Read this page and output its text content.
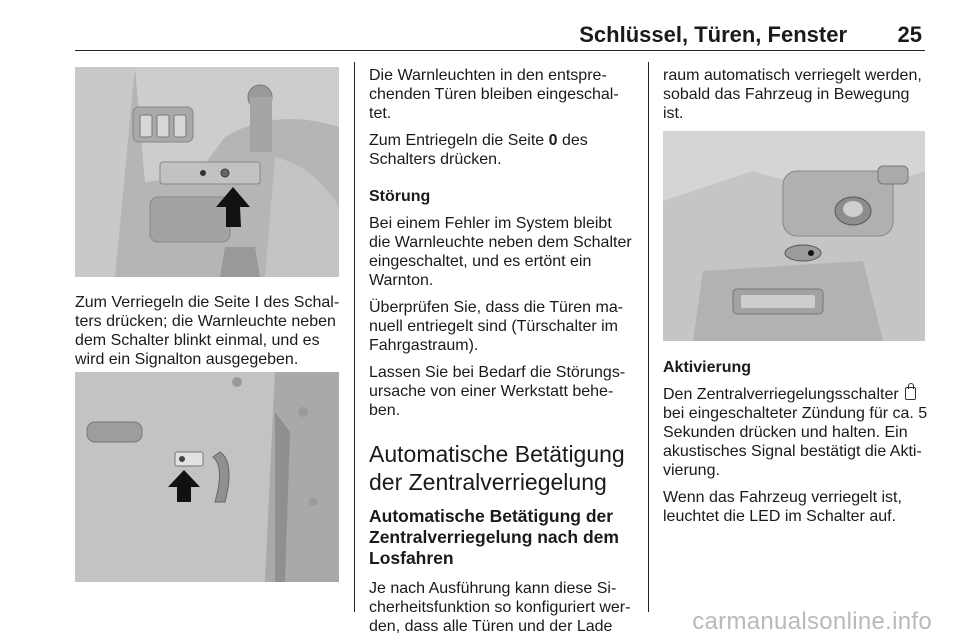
Schlüssel, Türen, Fenster 25

Zum Verriegeln die Seite I des Schalters drücken; die Warnleuchte neben dem Schalter blinkt einmal, und es wird ein Signalton ausgegeben.

Die Warnleuchten in den entsprechenden Türen bleiben eingeschaltet.

Zum Entriegeln die Seite 0 des Schalters drücken.

Störung

Bei einem Fehler im System bleibt die Warnleuchte neben dem Schalter eingeschaltet, und es ertönt ein Warnton.

Überprüfen Sie, dass die Türen manuell entriegelt sind (Türschalter im Fahrgastraum).

Lassen Sie bei Bedarf die Störungsursache von einer Werkstatt beheben.

Automatische Betätigung der Zentralverriegelung
Automatische Betätigung der Zentralverriegelung nach dem Losfahren

Je nach Ausführung kann diese Sicherheitsfunktion so konfiguriert werden, dass alle Türen und der Lade

raum automatisch verriegelt werden, sobald das Fahrzeug in Bewegung ist.

Aktivierung

Den Zentralverriegelungsschalter  bei eingeschalteter Zündung für ca. 5 Sekunden drücken und halten. Ein akustisches Signal bestätigt die Aktivierung.

Wenn das Fahrzeug verriegelt ist, leuchtet die LED im Schalter auf.

carmanualsonline.info
